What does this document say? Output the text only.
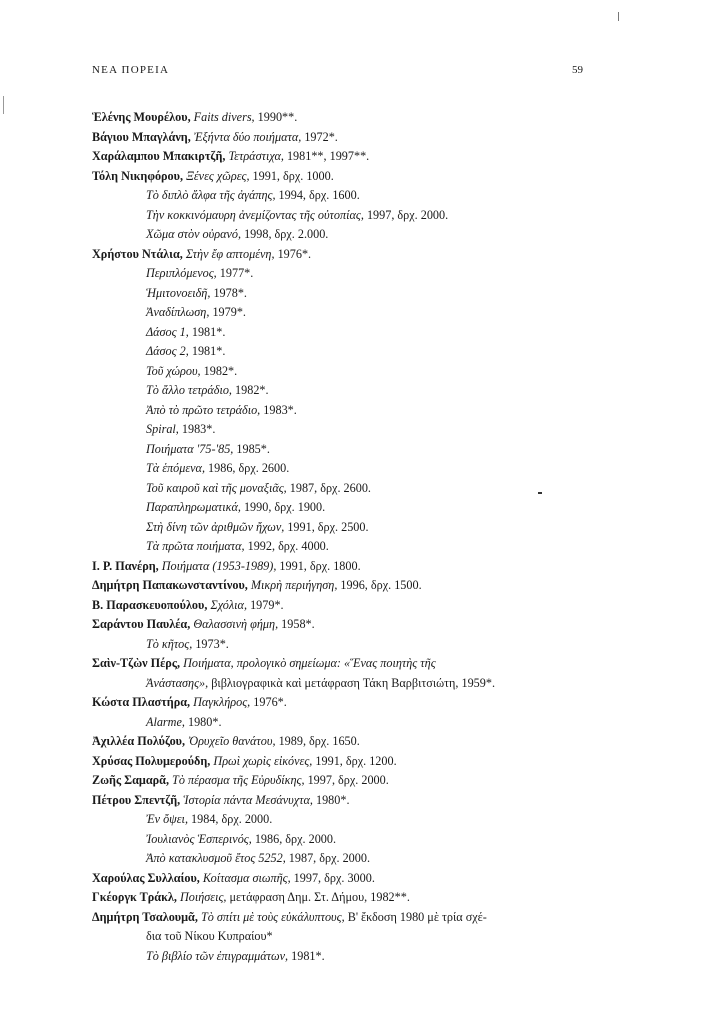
ΝΕΑ ΠΟΡΕΙΑ	59
Ἑλένης Μουρέλου, Faits divers, 1990**.
Βάγιου Μπαγλάνη, Ἐξήντα δύο ποιήματα, 1972*.
Χαράλαμπου Μπακιρτζῆ, Τετράστιχα, 1981**, 1997**.
Τόλη Νικηφόρου, Ξένες χῶρες, 1991, δρχ. 1000.
Τὸ διπλὸ ἄλφα τῆς ἀγάπης, 1994, δρχ. 1600.
Τὴν κοκκινόμαυρη ἀνεμίζοντας τῆς οὐτοπίας, 1997, δρχ. 2000.
Χῶμα στὸν οὐρανό, 1998, δρχ. 2.000.
Χρήστου Ντάλια, Στὴν ἔφ απτομένη, 1976*.
Περιπλόμενος, 1977*.
Ἡμιτονοειδῆ, 1978*.
Ἀναδίπλωση, 1979*.
Δάσος 1, 1981*.
Δάσος 2, 1981*.
Τοῦ χώρου, 1982*.
Τὸ ἄλλο τετράδιο, 1982*.
Ἀπὸ τὸ πρῶτο τετράδιο, 1983*.
Spiral, 1983*.
Ποιήματα '75-'85, 1985*.
Τὰ ἑπόμενα, 1986, δρχ. 2600.
Τοῦ καιροῦ καὶ τῆς μοναξιᾶς, 1987, δρχ. 2600.
Παραπληρωματικά, 1990, δρχ. 1900.
Στὴ δίνη τῶν ἀριθμῶν ἤχων, 1991, δρχ. 2500.
Τὰ πρῶτα ποιήματα, 1992, δρχ. 4000.
Ι. Ρ. Πανέρη, Ποιήματα (1953-1989), 1991, δρχ. 1800.
Δημήτρη Παπακωνσταντίνου, Μικρὴ περιήγηση, 1996, δρχ. 1500.
Β. Παρασκευοπούλου, Σχόλια, 1979*.
Σαράντου Παυλέα, Θαλασσινὴ φήμη, 1958*.
Τὸ κῆτος, 1973*.
Σαὶν-Τζὼν Πέρς, Ποιήματα, προλογικὸ σημείωμα: «Ἕνας ποιητὴς τῆς
Ἀνάστασης», βιβλιογραφικὰ καὶ μετάφραση Τάκη Βαρβιτσιώτη, 1959*.
Κώστα Πλαστήρα, Παγκλήρος, 1976*.
Alarme, 1980*.
Ἀχιλλέα Πολύζου, Ὀρυχεῖο θανάτου, 1989, δρχ. 1650.
Χρύσας Πολυμερούδη, Πρωὶ χωρὶς εἰκόνες, 1991, δρχ. 1200.
Ζωῆς Σαμαρᾶ, Τὸ πέρασμα τῆς Εὐρυδίκης, 1997, δρχ. 2000.
Πέτρου Σπεντζῆ, Ἱστορία πάντα Μεσάνυχτα, 1980*.
Ἐν ὄψει, 1984, δρχ. 2000.
Ἰουλιανὸς Ἑσπερινός, 1986, δρχ. 2000.
Ἀπὸ κατακλυσμοῦ ἔτος 5252, 1987, δρχ. 2000.
Χαρούλας Συλλαίου, Κοίτασμα σιωπῆς, 1997, δρχ. 3000.
Γκέοργκ Τράκλ, Ποιήσεις, μετάφραση Δημ. Στ. Δήμου, 1982**.
Δημήτρη Τσαλουμᾶ, Τὸ σπίτι μὲ τοὺς εὐκάλυπτους, Β' ἔκδοση 1980 μὲ τρία σχέ-
δια τοῦ Νίκου Κυπραίου*
Τὸ βιβλίο τῶν ἐπιγραμμάτων, 1981*.
